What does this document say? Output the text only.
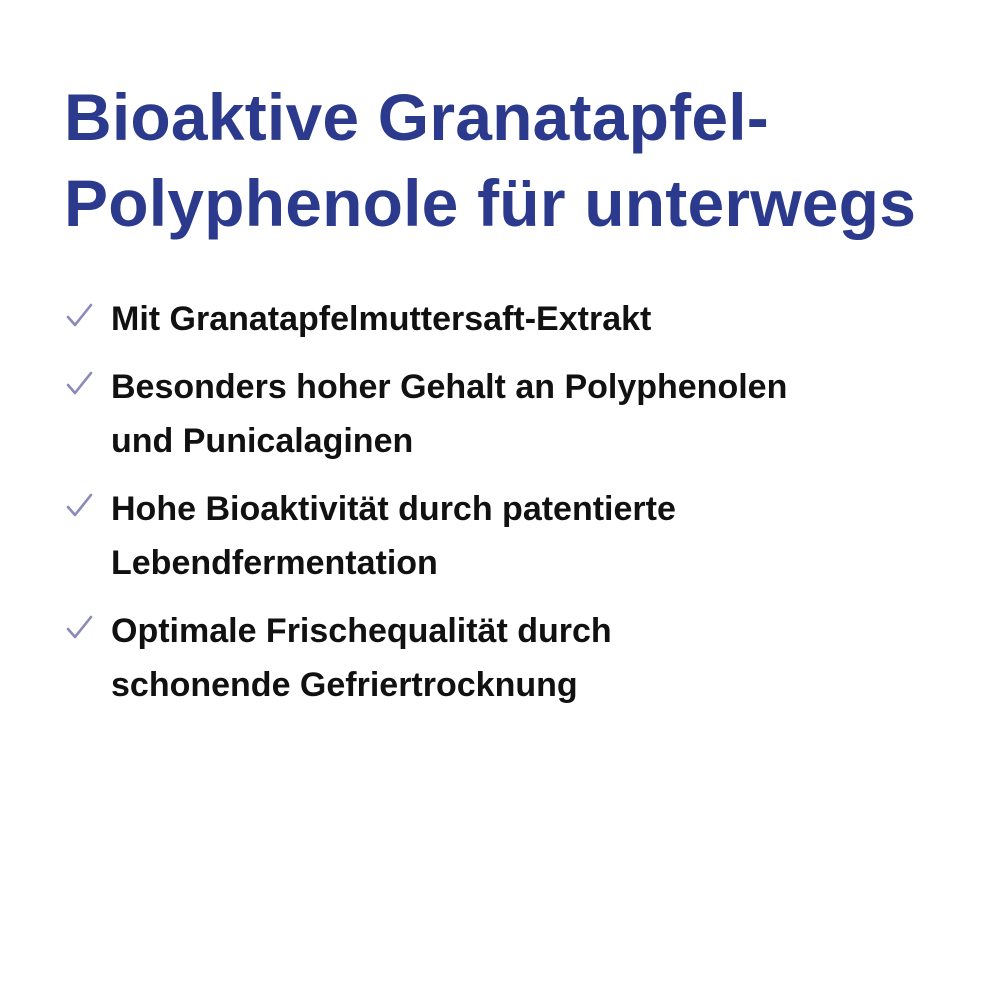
Bioaktive Granatapfel-
Polyphenole für unterwegs
Mit Granatapfelmuttersaft-Extrakt
Besonders hoher Gehalt an Polyphenolen
und Punicalaginen
Hohe Bioaktivität durch patentierte
Lebendfermentation
Optimale Frischequalität durch
schonende Gefriertrocknung
